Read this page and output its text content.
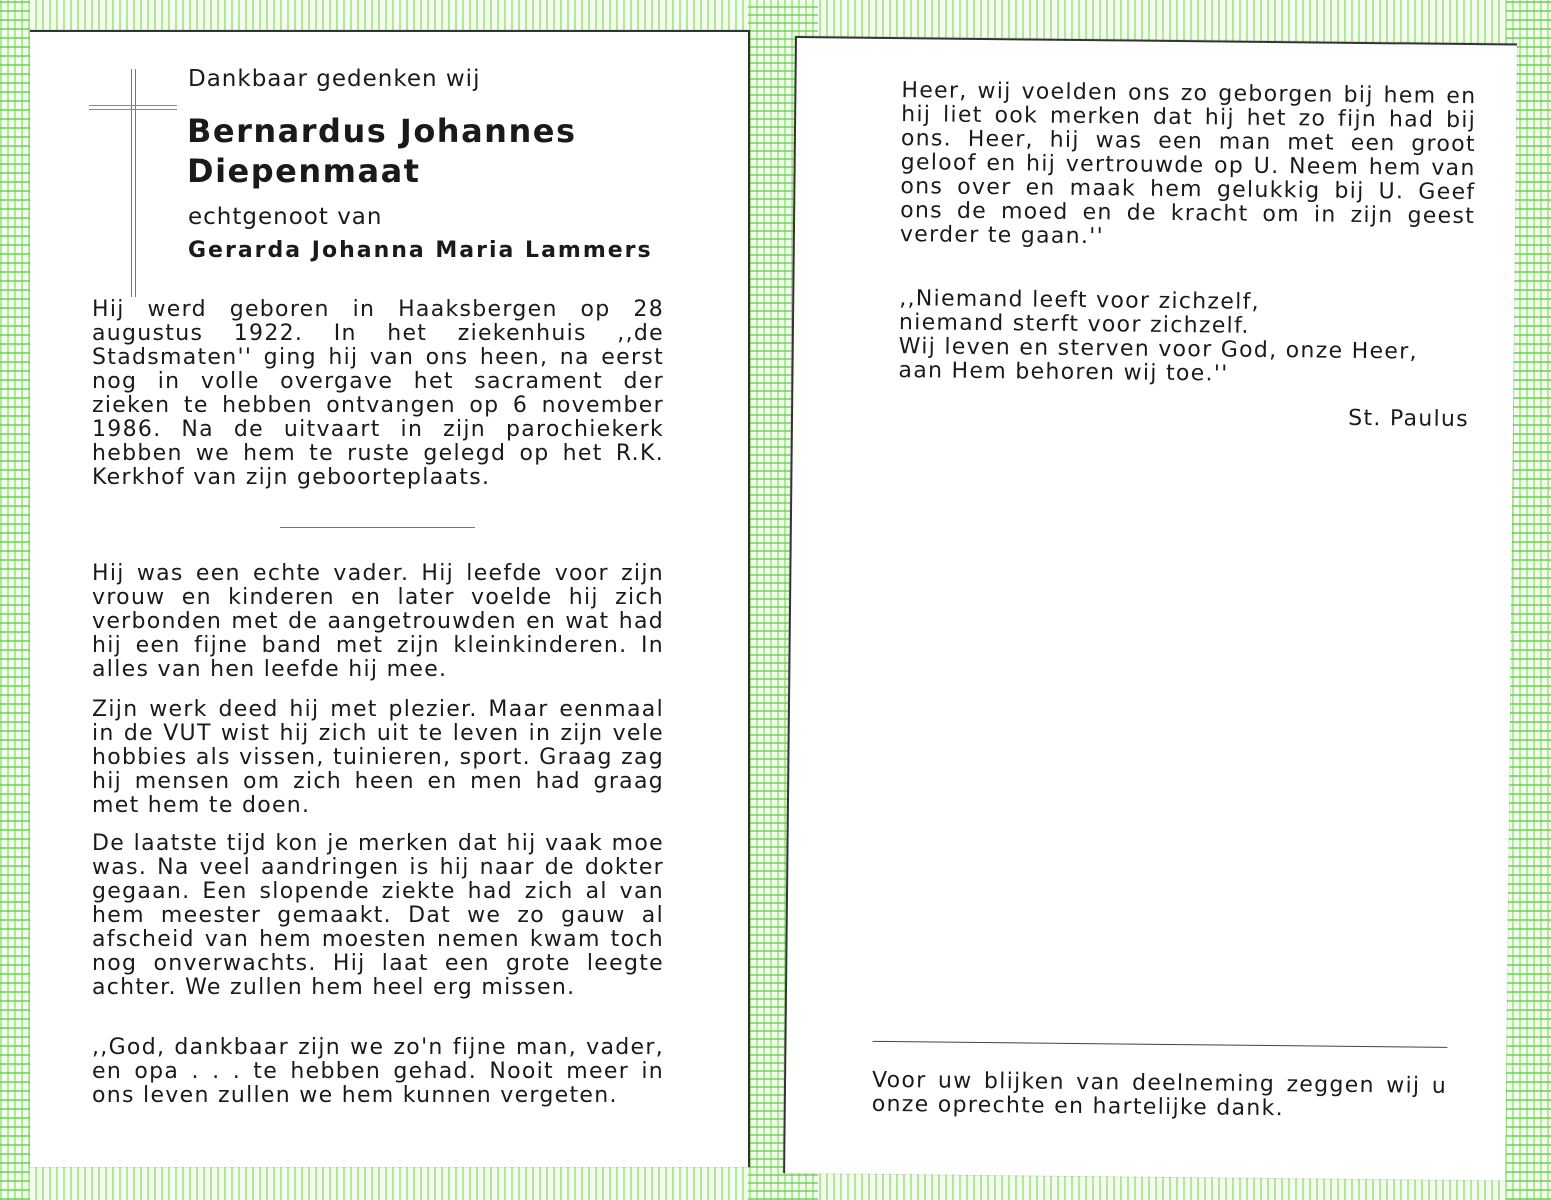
Dankbaar gedenken wij
Bernardus Johannes
Diepenmaat
echtgenoot van
Gerarda Johanna Maria Lammers
Hij werd geboren in Haaksbergen op 28 augustus 1922. In het ziekenhuis ,,de Stadsmaten'' ging hij van ons heen, na eerst nog in volle overgave het sacrament der zieken te hebben ontvangen op 6 november 1986. Na de uitvaart in zijn parochiekerk hebben we hem te ruste gelegd op het R.K. Kerkhof van zijn geboorteplaats.
Hij was een echte vader. Hij leefde voor zijn vrouw en kinderen en later voelde hij zich verbonden met de aangetrouwden en wat had hij een fijne band met zijn kleinkinderen. In alles van hen leefde hij mee.
Zijn werk deed hij met plezier. Maar eenmaal in de VUT wist hij zich uit te leven in zijn vele hobbies als vissen, tuinieren, sport. Graag zag hij mensen om zich heen en men had graag met hem te doen.
De laatste tijd kon je merken dat hij vaak moe was. Na veel aandringen is hij naar de dokter gegaan. Een slopende ziekte had zich al van hem meester gemaakt. Dat we zo gauw al afscheid van hem moesten nemen kwam toch nog onverwachts. Hij laat een grote leegte achter. We zullen hem heel erg missen.
,,God, dankbaar zijn we zo'n fijne man, vader, en opa . . . te hebben gehad. Nooit meer in ons leven zullen we hem kunnen vergeten.
Heer, wij voelden ons zo geborgen bij hem en hij liet ook merken dat hij het zo fijn had bij ons. Heer, hij was een man met een groot geloof en hij vertrouwde op U. Neem hem van ons over en maak hem gelukkig bij U. Geef ons de moed en de kracht om in zijn geest verder te gaan.''
,,Niemand leeft voor zichzelf,
niemand sterft voor zichzelf.
Wij leven en sterven voor God, onze Heer,
aan Hem behoren wij toe.''
St. Paulus
Voor uw blijken van deelneming zeggen wij u onze oprechte en hartelijke dank.
